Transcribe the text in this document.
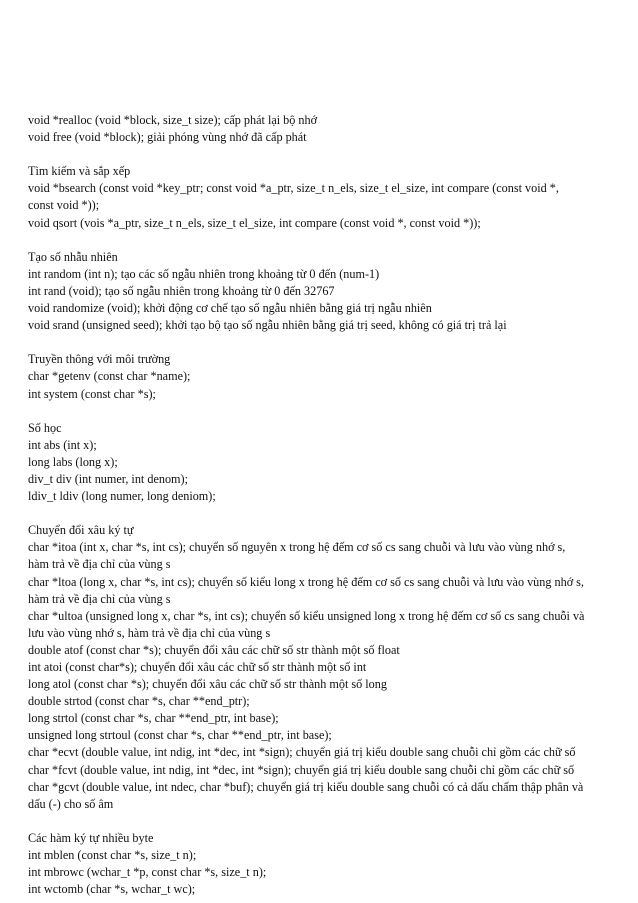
void *realloc (void *block, size_t size); cấp phát lại bộ nhớ
void free (void *block); giải phóng vùng nhớ đã cấp phát
Tìm kiếm và sắp xếp
void *bsearch (const void *key_ptr; const void *a_ptr, size_t n_els, size_t el_size, int compare (const void *,
const void *));
void qsort (vois *a_ptr, size_t n_els, size_t el_size, int compare (const void *, const void *));
Tạo số nhẫu nhiên
int random (int n); tạo các số ngẫu nhiên trong khoảng từ 0 đến (num-1)
int rand (void); tạo số ngẫu nhiên trong khoảng từ 0 đến 32767
void randomize (void); khởi động cơ chế tạo số ngẫu nhiên bằng giá trị ngẫu nhiên
void srand (unsigned seed); khởi tạo bộ tạo số ngẫu nhiên bằng giá trị seed, không có giá trị trả lại
Truyền thông với môi trường
char *getenv (const char *name);
int system (const char *s);
Số học
int abs (int x);
long labs (long x);
div_t div (int numer, int denom);
ldiv_t ldiv (long numer, long deniom);
Chuyển đổi xâu ký tự
char *itoa (int x, char *s, int cs); chuyển số nguyên x trong hệ đếm cơ số cs sang chuỗi và lưu vào vùng nhớ s,
hàm trả về địa chỉ của vùng s
char *ltoa (long x, char *s, int cs); chuyển số kiểu long x trong hệ đếm cơ số cs sang chuỗi và lưu vào vùng nhớ s,
hàm trả về địa chỉ của vùng s
char *ultoa (unsigned long x, char *s, int cs); chuyển số kiểu unsigned long x trong hệ đếm cơ số cs sang chuỗi và
lưu vào vùng nhớ s, hàm trả về địa chỉ của vùng s
double atof (const char *s); chuyển đổi xâu các chữ số str thành một số float
int atoi (const char*s); chuyển đổi xâu các chữ số str thành một số int
long atol (const char *s); chuyển đổi xâu các chữ số str thành một số long
double strtod (const char *s, char **end_ptr);
long strtol (const char *s, char **end_ptr, int base);
unsigned long strtoul (const char *s, char **end_ptr, int base);
char *ecvt (double value, int ndig, int *dec, int *sign); chuyển giá trị kiểu double sang chuỗi chỉ gồm các chữ số
char *fcvt (double value, int ndig, int *dec, int *sign); chuyển giá trị kiểu double sang chuỗi chỉ gồm các chữ số
char *gcvt (double value, int ndec, char *buf); chuyển giá trị kiểu double sang chuỗi có cả dấu chấm thập phân và
dấu (-) cho số âm
Các hàm ký tự nhiều byte
int mblen (const char *s, size_t n);
int mbrowc (wchar_t *p, const char *s, size_t n);
int wctomb (char *s, wchar_t wc);
